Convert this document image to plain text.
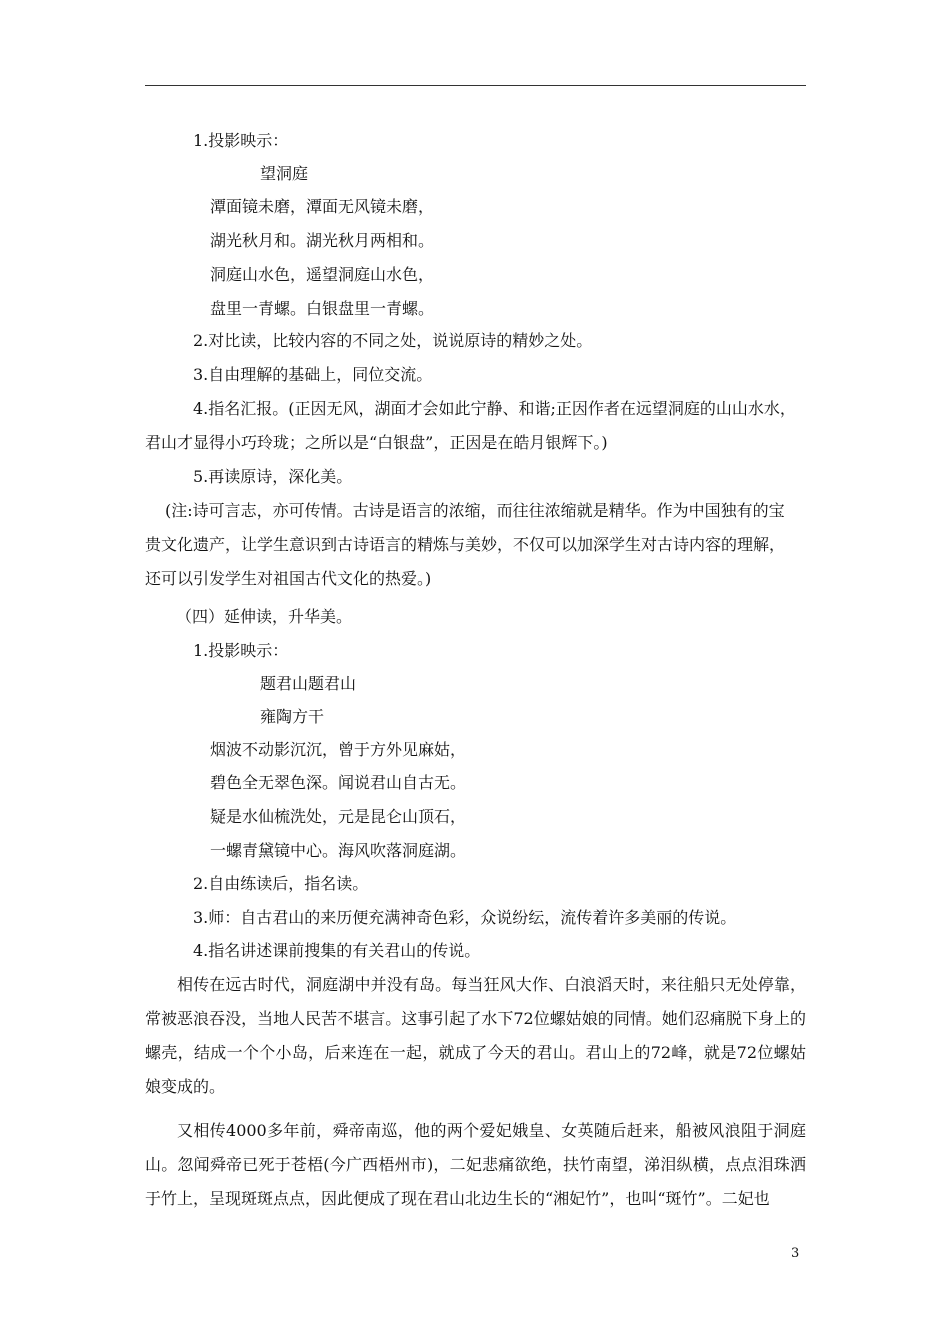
1.投影映示：
望洞庭
潭面镜未磨，潭面无风镜未磨，
湖光秋月和。湖光秋月两相和。
洞庭山水色，遥望洞庭山水色，
盘里一青螺。白银盘里一青螺。
2.对比读，比较内容的不同之处，说说原诗的精妙之处。
3.自由理解的基础上，同位交流。
4.指名汇报。(正因无风，湖面才会如此宁静、和谐;正因作者在远望洞庭的山山水水，
君山才显得小巧玲珑；之所以是“白银盘”，正因是在皓月银辉下。)
5.再读原诗，深化美。
(注:诗可言志，亦可传情。古诗是语言的浓缩，而往往浓缩就是精华。作为中国独有的宝
贵文化遗产，让学生意识到古诗语言的精炼与美妙，不仅可以加深学生对古诗内容的理解，
还可以引发学生对祖国古代文化的热爱。)
（四）延伸读，升华美。
1.投影映示：
题君山题君山
雍陶方干
烟波不动影沉沉，曾于方外见麻姑，
碧色全无翠色深。闻说君山自古无。
疑是水仙梳洗处，元是昆仑山顶石，
一螺青黛镜中心。海风吹落洞庭湖。
2.自由练读后，指名读。
3.师：自古君山的来历便充满神奇色彩，众说纷纭，流传着许多美丽的传说。
4.指名讲述课前搜集的有关君山的传说。
相传在远古时代，洞庭湖中并没有岛。每当狂风大作、白浪滔天时，来往船只无处停靠，常被恶浪吞没，当地人民苦不堪言。这事引起了水下72位螺姑娘的同情。她们忍痛脱下身上的螺壳，结成一个个小岛，后来连在一起，就成了今天的君山。君山上的72峰，就是72位螺姑娘变成的。
又相传4000多年前，舜帝南巡，他的两个爱妃娥皇、女英随后赶来，船被风浪阻于洞庭山。忽闻舜帝已死于苍梧(今广西梧州市)，二妃悲痛欲绝，扶竹南望，涕泪纵横，点点泪珠洒于竹上，呈现斑斑点点，因此便成了现在君山北边生长的“湘妃竹”，也叫“斑竹”。二妃也
3
